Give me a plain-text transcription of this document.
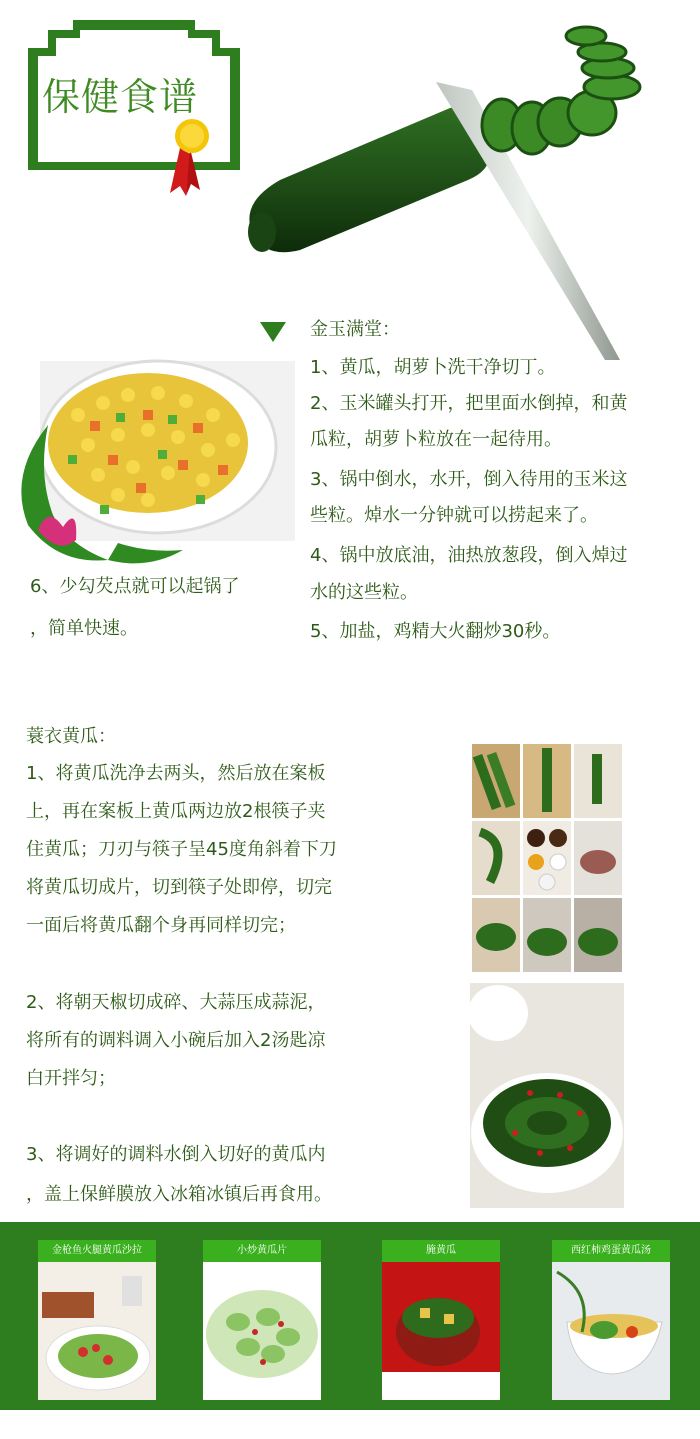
保健食谱
金玉满堂：
1、黄瓜，胡萝卜洗干净切丁。
2、玉米罐头打开，把里面水倒掉，和黄
瓜粒，胡萝卜粒放在一起待用。
3、锅中倒水，水开，倒入待用的玉米这
些粒。焯水一分钟就可以捞起来了。
4、锅中放底油，油热放葱段，倒入焯过
水的这些粒。
5、加盐，鸡精大火翻炒30秒。
6、少勾芡点就可以起锅了
，简单快速。
蓑衣黄瓜：
1、将黄瓜洗净去两头，然后放在案板
上，再在案板上黄瓜两边放2根筷子夹
住黄瓜；刀刃与筷子呈45度角斜着下刀
将黄瓜切成片，切到筷子处即停，切完
一面后将黄瓜翻个身再同样切完；
2、将朝天椒切成碎、大蒜压成蒜泥，
将所有的调料调入小碗后加入2汤匙凉
白开拌匀；
3、将调好的调料水倒入切好的黄瓜内
，盖上保鲜膜放入冰箱冰镇后再食用。
金枪鱼火腿黄瓜沙拉	小炒黄瓜片	腌黄瓜	西红柿鸡蛋黄瓜汤
